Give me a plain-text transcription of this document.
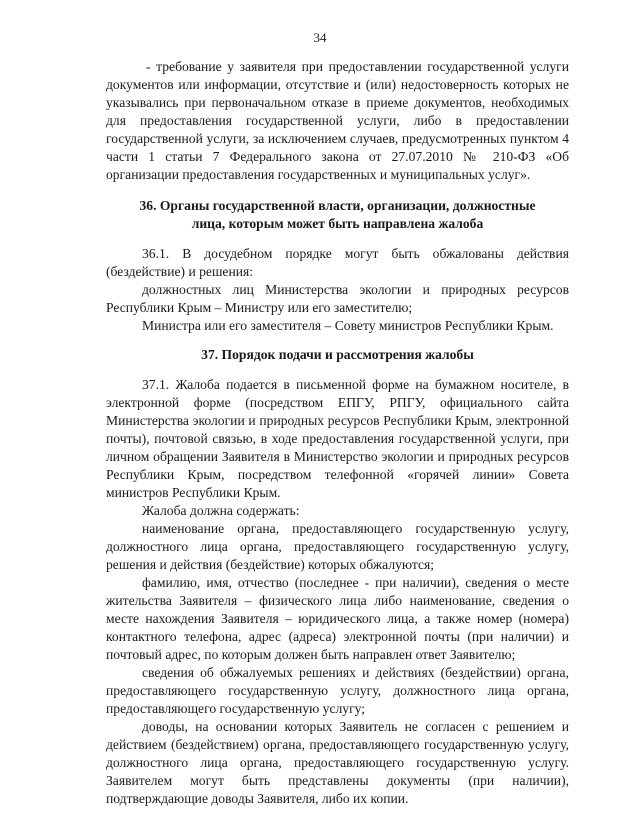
34

- требование у заявителя при предоставлении государственной услуги документов или информации, отсутствие и (или) недостоверность которых не указывались при первоначальном отказе в приеме документов, необходимых для предоставления государственной услуги, либо в предоставлении государственной услуги, за исключением случаев, предусмотренных пунктом 4 части 1 статьи 7 Федерального закона от 27.07.2010 № 210-ФЗ «Об организации предоставления государственных и муниципальных услуг».

36. Органы государственной власти, организации, должностные лица, которым может быть направлена жалоба

36.1. В досудебном порядке могут быть обжалованы действия (бездействие) и решения:

должностных лиц Министерства экологии и природных ресурсов Республики Крым – Министру или его заместителю;

Министра или его заместителя – Совету министров Республики Крым.

37. Порядок подачи и рассмотрения жалобы

37.1. Жалоба подается в письменной форме на бумажном носителе, в электронной форме (посредством ЕПГУ, РПГУ, официального сайта Министерства экологии и природных ресурсов Республики Крым, электронной почты), почтовой связью, в ходе предоставления государственной услуги, при личном обращении Заявителя в Министерство экологии и природных ресурсов Республики Крым, посредством телефонной «горячей линии» Совета министров Республики Крым.

Жалоба должна содержать:

наименование органа, предоставляющего государственную услугу, должностного лица органа, предоставляющего государственную услугу, решения и действия (бездействие) которых обжалуются;

фамилию, имя, отчество (последнее - при наличии), сведения о месте жительства Заявителя – физического лица либо наименование, сведения о месте нахождения Заявителя – юридического лица, а также номер (номера) контактного телефона, адрес (адреса) электронной почты (при наличии) и почтовый адрес, по которым должен быть направлен ответ Заявителю;

сведения об обжалуемых решениях и действиях (бездействии) органа, предоставляющего государственную услугу, должностного лица органа, предоставляющего государственную услугу;

доводы, на основании которых Заявитель не согласен с решением и действием (бездействием) органа, предоставляющего государственную услугу, должностного лица органа, предоставляющего государственную услугу. Заявителем могут быть представлены документы (при наличии), подтверждающие доводы Заявителя, либо их копии.
